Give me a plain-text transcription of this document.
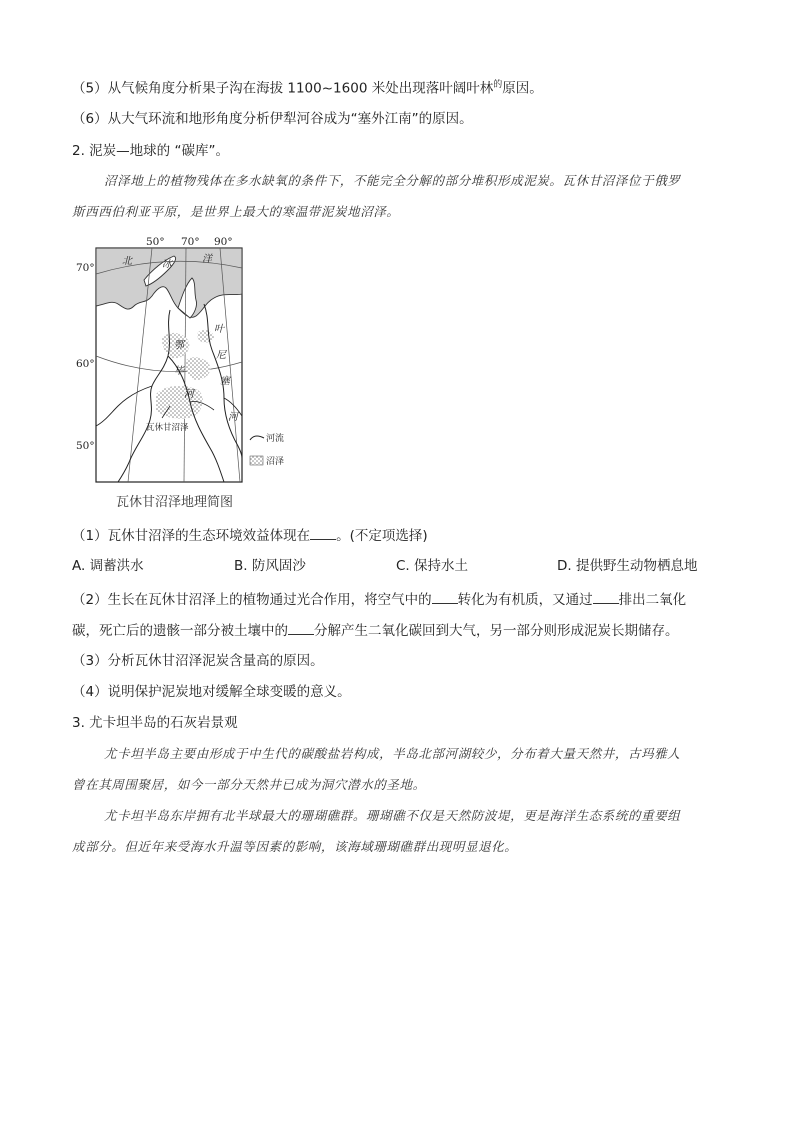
（5）从气候角度分析果子沟在海拔 1100~1600 米处出现落叶阔叶林$^的$原因。
（6）从大气环流和地形角度分析伊犁河谷成为“塞外江南”的原因。
2. 泥炭—地球的 “碳库”。
沼泽地上的植物残体在多水缺氧的条件下，不能完全分解的部分堆积形成泥炭。瓦休甘沼泽位于俄罗
斯西西伯利亚平原，是世界上最大的寒温带泥炭地沼泽。
50° 70° 90°
70°
60°
50°
北	冰	洋
鄂
毕
河
叶
尼
塞
河
瓦休甘沼泽
河流
沼泽
瓦休甘沼泽地理简图
（1）瓦休甘沼泽的生态环境效益体现在 。(不定项选择)
A. 调蓄洪水	B. 防风固沙	C. 保持水土	D. 提供野生动物栖息地
（2）生长在瓦休甘沼泽上的植物通过光合作用，将空气中的 转化为有机质，又通过 排出二氧化
碳，死亡后的遗骸一部分被土壤中的 分解产生二氧化碳回到大气，另一部分则形成泥炭长期储存。
（3）分析瓦休甘沼泽泥炭含量高的原因。
（4）说明保护泥炭地对缓解全球变暖的意义。
3. 尤卡坦半岛的石灰岩景观
尤卡坦半岛主要由形成于中生代的碳酸盐岩构成，半岛北部河湖较少，分布着大量天然井，古玛雅人
曾在其周围聚居，如今一部分天然井已成为洞穴潜水的圣地。
尤卡坦半岛东岸拥有北半球最大的珊瑚礁群。珊瑚礁不仅是天然防波堤，更是海洋生态系统的重要组
成部分。但近年来受海水升温等因素的影响，该海域珊瑚礁群出现明显退化。
